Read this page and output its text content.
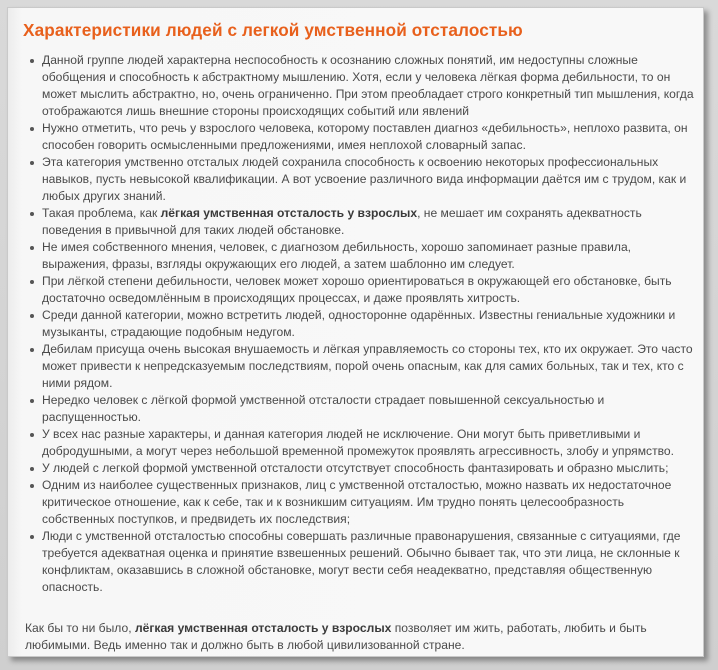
Характеристики людей с легкой умственной отсталостью
Данной группе людей характерна неспособность к осознанию сложных понятий, им недоступны сложные обобщения и способность к абстрактному мышлению. Хотя, если у человека лёгкая форма дебильности, то он может мыслить абстрактно, но, очень ограниченно. При этом преобладает строго конкретный тип мышления, когда отображаются лишь внешние стороны происходящих событий или явлений
Нужно отметить, что речь у взрослого человека, которому поставлен диагноз «дебильность», неплохо развита, он способен говорить осмысленными предложениями, имея неплохой словарный запас.
Эта категория умственно отсталых людей сохранила способность к освоению некоторых профессиональных навыков, пусть невысокой квалификации. А вот усвоение различного вида информации даётся им с трудом, как и любых других знаний.
Такая проблема, как лёгкая умственная отсталость у взрослых, не мешает им сохранять адекватность поведения в привычной для таких людей обстановке.
Не имея собственного мнения, человек, с диагнозом дебильность, хорошо запоминает разные правила, выражения, фразы, взгляды окружающих его людей, а затем шаблонно им следует.
При лёгкой степени дебильности, человек может хорошо ориентироваться в окружающей его обстановке, быть достаточно осведомлённым в происходящих процессах, и даже проявлять хитрость.
Среди данной категории, можно встретить людей, односторонне одарённых. Известны гениальные художники и музыканты, страдающие подобным недугом.
Дебилам присуща очень высокая внушаемость и лёгкая управляемость со стороны тех, кто их окружает. Это часто может привести к непредсказуемым последствиям, порой очень опасным, как для самих больных, так и тех, кто с ними рядом.
Нередко человек с лёгкой формой умственной отсталости страдает повышенной сексуальностью и распущенностью.
У всех нас разные характеры, и данная категория людей не исключение. Они могут быть приветливыми и добродушными, а могут через небольшой временной промежуток проявлять агрессивность, злобу и упрямство.
У людей с легкой формой умственной отсталости отсутствует способность фантазировать и образно мыслить;
Одним из наиболее существенных признаков, лиц с умственной отсталостью, можно назвать их недостаточное критическое отношение, как к себе, так и к возникшим ситуациям. Им трудно понять целесообразность собственных поступков, и предвидеть их последствия;
Люди с умственной отсталостью способны совершать различные правонарушения, связанные с ситуациями, где требуется адекватная оценка и принятие взвешенных решений. Обычно бывает так, что эти лица, не склонные к конфликтам, оказавшись в сложной обстановке, могут вести себя неадекватно, представляя общественную опасность.

Как бы то ни было, лёгкая умственная отсталость у взрослых позволяет им жить, работать, любить и быть любимыми. Ведь именно так и должно быть в любой цивилизованной стране.
